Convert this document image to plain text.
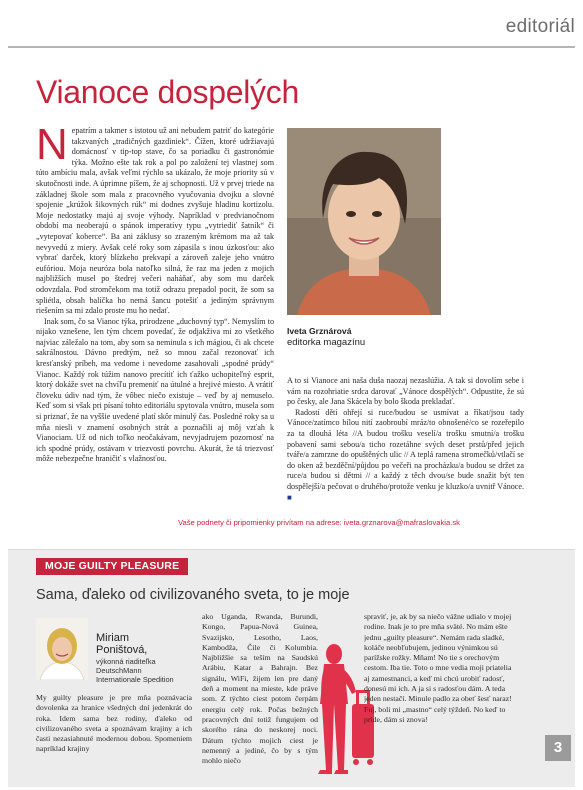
editoriál
Vianoce dospelých

Nepatrím a takmer s istotou už ani nebudem patriť do kategórie takzvaných „tradičných gazdiniek“. Čížen, ktoré udržiavajú domácnosť v tip-top stave, čo sa poriadku či gastronómie týka. Možno ešte tak rok a pol po založení tej vlastnej som túto ambíciu mala, avšak veľmi rýchlo sa ukázalo, že moje priority sú v skutočnosti inde. A úprimne píšem, že aj schopnosti. Už v prvej triede na základnej škole som mala z pracovného vyučovania dvojku a slovné spojenie „krúžok šikovných rúk“ mi dodnes zvyšuje hladinu kortizolu. Moje nedostatky majú aj svoje výhody. Napríklad v predvianočnom období ma neoberajú o spánok imperatívy typu „vytriediť šatník“ či „vytepovať koberce“. Ba ani záklusy so zrazeným krémom ma až tak nevyvedú z miery. Avšak celé roky som zápasila s inou úzkosťou: ako vybrať darček, ktorý blízkeho prekvapí a zároveň zaleje jeho vnútro eufóriou. Moja neuróza bola natoľko silná, že raz ma jeden z mojich najbližších musel po štedrej večeri naháňať, aby som mu darček odovzdala. Pod stromčekom ma totiž odrazu prepadol pocit, že som sa spliétla, obsah balíčka ho nemá šancu potešiť a jediným správnym riešením sa mi zdalo proste mu ho nedať.

Inak som, čo sa Vianoc týka, prirodzene „duchovný typ“. Nemyslím to nijako vznešene, len tým chcem povedať, že odjakživa mi zo všetkého najviac záležalo na tom, aby som sa neminula s ich mágiou, či ak chcete sakrálnostou. Dávno predtým, než so mnou začal rezonovať ich kresťanský príbeh, ma vedome i nevedome zasahovali „spodné prúdy“ Vianoc. Každý rok túžim nanovo precítiť ich ťažko uchopiteľný esprit, ktorý dokáže svet na chvíľu premeniť na útulné a hrejivé miesto. A vrátiť človeku údiv nad tým, že vôbec niečo existuje – veď by aj nemuselo. Keď som si však pri písaní tohto editoriálu spytovala vnútro, musela som si priznať, že na vyššie uvedené platí skôr minulý čas. Posledné roky sa u mňa niesli v znamení osobných strát a poznačili aj môj vzťah k Vianociam. Už od nich toľko neočakávam, nevyjadrujem pozornosť na ich spodné prúdy, ostávam v triezvosti povrchu. Akurát, že tá triezvosť môže nebezpečne hraničiť s vlažnosťou.

Iveta Grznárová
editorka magazínu

A to si Vianoce ani naša duša naozaj nezaslúžia. A tak si dovolím sebe i vám na rozohriatie srdca darovať „Vánoce dospělých“. Odpustite, že sú po česky, ale Jana Skácela by bolo škoda prekladať.

Radostí dětí ohřejí si ruce/budou se usmívat a říkat/jsou tady Vánoce/zatímco bílou nití zaobroubí mráz/to obnošené/co se rozeřepilo za ta dlouhá léta //A budou trošku veselí/a trošku smutní/a trošku pobavení sami sebou/a ticho rozetáhne svých deset prstů/před jejich tváře/a zamrzne do opuštěných ulic // A teplá ramena stromečků/vtlačí se do oken až bezděční/půjdou po večeři na procházku/a budou se držet za ruce/a budou si dětmi // a každý z těch dvou/se bude snažit být ten dospělejší/a pečovat o druhého/protože venku je kluzko/a uvnitř Vánoce. ■

Vaše podnety či pripomienky privítam na adrese: iveta.grznarova@mafraslovakia.sk
MOJE GUILTY PLEASURE
Sama, ďaleko od civilizovaného sveta, to je moje
Miriam
Poništová,
výkonná riaditeľka
DeutschMann
Internationale Spedition
My guilty pleasure je pre mňa poznávacia dovolenka za hranice všedných dní jedenkrát do roka. Idem sama bez rodiny, ďaleko od civilizovaného sveta a spoznávam krajiny a ich časti nezasiahnuté modernou dobou. Spomeniem napríklad krajiny
ako Uganda, Rwanda, Burundi, Kongo, Papua-Nová Guinea, Svazijsko, Lesotho, Laos, Kambodža, Čile či Kolumbia. Najbližšie sa teším na Saudskú Arábiu, Katar a Bahrajn. Bez signálu, WiFi, žijem len pre daný deň a moment na mieste, kde práve som. Z týchto ciest potom čerpám energiu celý rok. Počas bežných pracovných dní totiž fungujem od skorého rána do neskorej noci. Dátum týchto mojich ciest je nemenný a jediné, čo by s tým mohlo niečo
spraviť, je, ak by sa niečo vážne udialo v mojej rodine. Inak je to pre mňa sväté. No mám ešte jednu „guilty pleasure“. Nemám rada sladké, koláče neobľubujem, jedinou výnimkou sú parížske rožky. Mňam! No tie s orechovým cestom. Iba tie. Toto o mne vedia moji priatelia aj zamestnanci, a keď mi chcú urobiť radosť, donesú mi ich. A ja si s radosťou dám. A teda jeden nestačí. Minule padlo za obeť šesť naraz! Fuj, boli mi „mastno“ celý týždeň. No keď to príde, dám si znova!
3
